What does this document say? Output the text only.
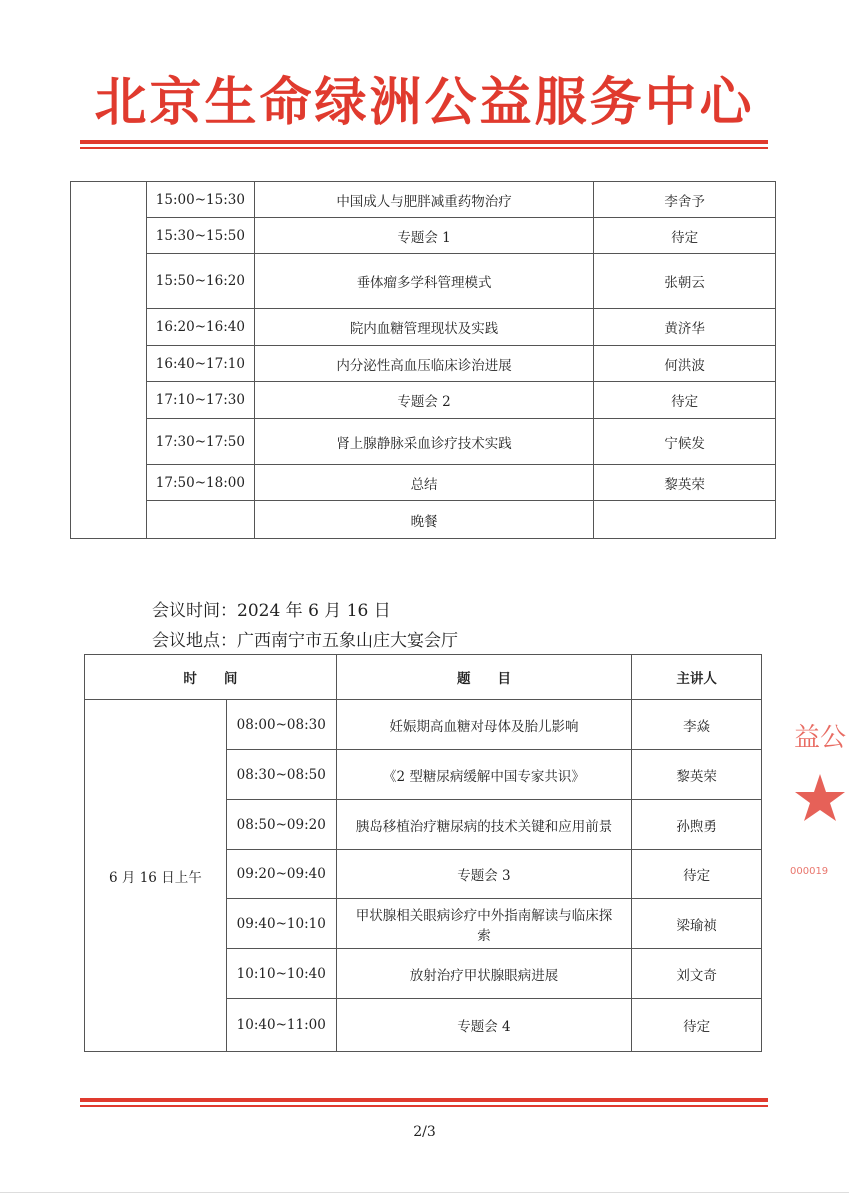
北京生命绿洲公益服务中心
	15:00~15:30	中国成人与肥胖减重药物治疗	李舍予
	15:30~15:50	专题会 1	待定
	15:50~16:20	垂体瘤多学科管理模式	张朝云
	16:20~16:40	院内血糖管理现状及实践	黄济华
	16:40~17:10	内分泌性高血压临床诊治进展	何洪波
	17:10~17:30	专题会 2	待定
	17:30~17:50	肾上腺静脉采血诊疗技术实践	宁候发
	17:50~18:00	总结	黎英荣
		晚餐	
会议时间：2024 年 6 月 16 日
会议地点：广西南宁市五象山庄大宴会厅
时　　间		题　　目	主讲人
6 月 16 日上午	08:00~08:30	妊娠期高血糖对母体及胎儿影响	李焱
	08:30~08:50	《2 型糖尿病缓解中国专家共识》	黎英荣
	08:50~09:20	胰岛移植治疗糖尿病的技术关键和应用前景	孙煦勇
	09:20~09:40	专题会 3	待定
	09:40~10:10	甲状腺相关眼病诊疗中外指南解读与临床探索	梁瑜祯
	10:10~10:40	放射治疗甲状腺眼病进展	刘文奇
	10:40~11:00	专题会 4	待定
益公
000019
2/3
